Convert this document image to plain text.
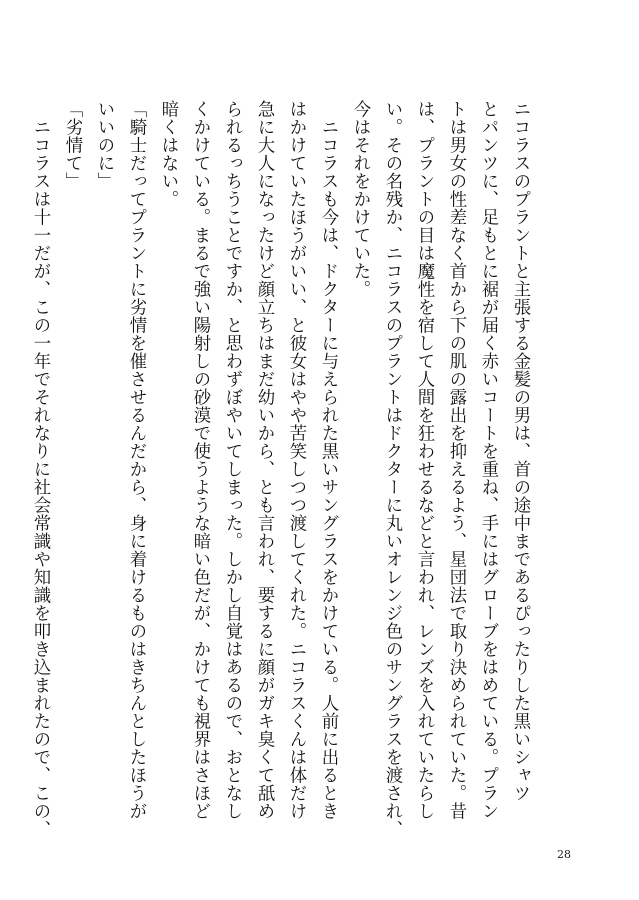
ニコラスのプラントと主張する金髪の男は、首の途中まであるぴったりした黒いシャツ
とパンツに、足もとに裾が届く赤いコートを重ね、手にはグローブをはめている。プラン
トは男女の性差なく首から下の肌の露出を抑えるよう、星団法で取り決められていた。昔
は、プラントの目は魔性を宿して人間を狂わせるなどと言われ、レンズを入れていたらし
い。その名残か、ニコラスのプラントはドクターに丸いオレンジ色のサングラスを渡され、
今はそれをかけていた。
　ニコラスも今は、ドクターに与えられた黒いサングラスをかけている。人前に出るとき
はかけていたほうがいい、と彼女はやや苦笑しつつ渡してくれた。ニコラスくんは体だけ
急に大人になったけど顔立ちはまだ幼いから、とも言われ、要するに顔がガキ臭くて舐め
られるっちうことですか、と思わずぼやいてしまった。しかし自覚はあるので、おとなし
くかけている。まるで強い陽射しの砂漠で使うような暗い色だが、かけても視界はさほど
暗くはない。
「騎士だってプラントに劣情を催させるんだから、身に着けるものはきちんとしたほうが
いいのに」
「劣情て」
　ニコラスは十一だが、この一年でそれなりに社会常識や知識を叩き込まれたので、この、
28
